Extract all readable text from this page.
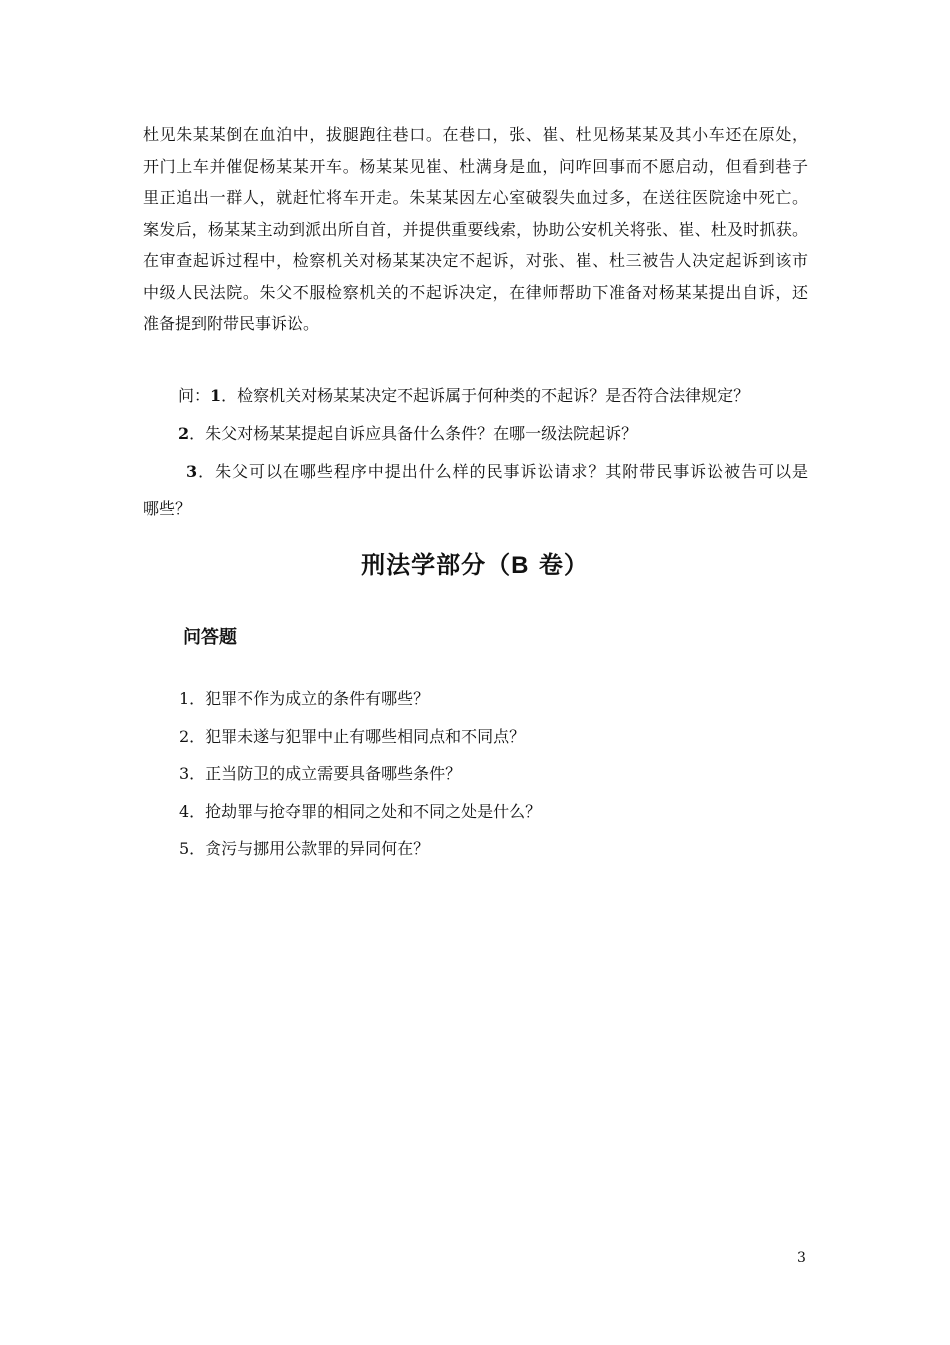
杜见朱某某倒在血泊中，拔腿跑往巷口。在巷口，张、崔、杜见杨某某及其小车还在原处，
开门上车并催促杨某某开车。杨某某见崔、杜满身是血，问咋回事而不愿启动，但看到巷子
里正追出一群人，就赶忙将车开走。朱某某因左心室破裂失血过多，在送往医院途中死亡。
案发后，杨某某主动到派出所自首，并提供重要线索，协助公安机关将张、崔、杜及时抓获。
在审查起诉过程中，检察机关对杨某某决定不起诉，对张、崔、杜三被告人决定起诉到该市
中级人民法院。朱父不服检察机关的不起诉决定，在律师帮助下准备对杨某某提出自诉，还
准备提到附带民事诉讼。

问：1．检察机关对杨某某决定不起诉属于何种类的不起诉？是否符合法律规定？

2．朱父对杨某某提起自诉应具备什么条件？在哪一级法院起诉？

3．朱父可以在哪些程序中提出什么样的民事诉讼请求？其附带民事诉讼被告可以是
哪些？
刑法学部分（B 卷）
问答题
1．犯罪不作为成立的条件有哪些？
2．犯罪未遂与犯罪中止有哪些相同点和不同点？
3．正当防卫的成立需要具备哪些条件？
4．抢劫罪与抢夺罪的相同之处和不同之处是什么？
5．贪污与挪用公款罪的异同何在？
3
